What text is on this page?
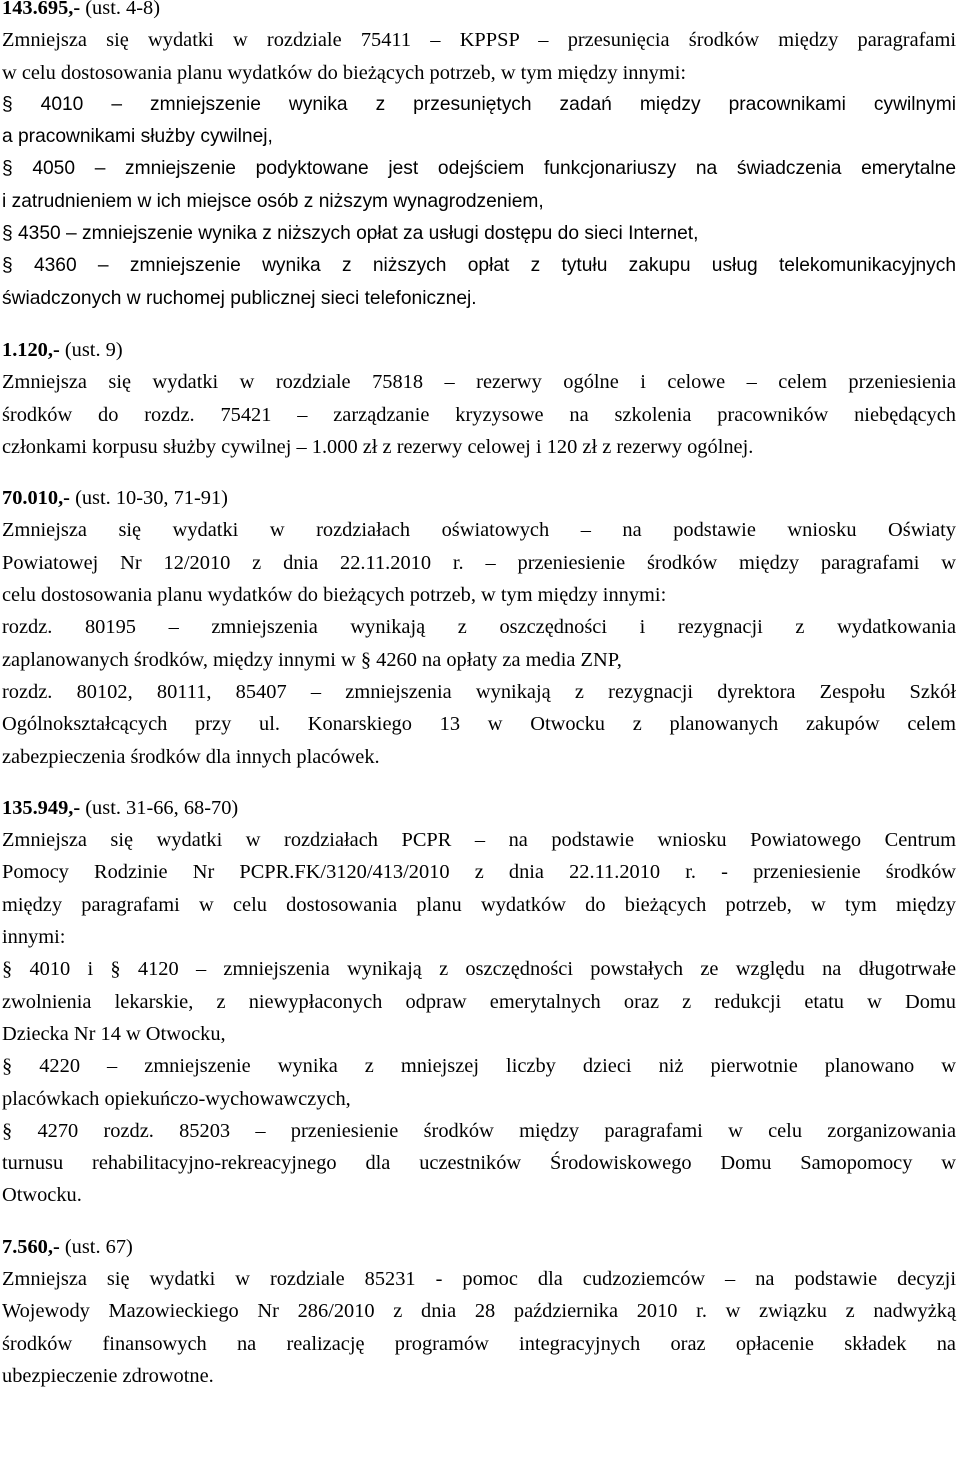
143.695,- (ust. 4-8)
Zmniejsza się wydatki w rozdziale 75411 – KPPSP – przesunięcia środków między paragrafami
w celu dostosowania planu wydatków do bieżących potrzeb, w tym między innymi:
§ 4010 – zmniejszenie wynika z przesuniętych zadań między pracownikami cywilnymi
a pracownikami służby cywilnej,
§ 4050 – zmniejszenie podyktowane jest odejściem funkcjonariuszy na świadczenia emerytalne
i zatrudnieniem w ich miejsce osób z niższym wynagrodzeniem,
§ 4350 – zmniejszenie wynika z niższych opłat za usługi dostępu do sieci Internet,
§ 4360 – zmniejszenie wynika z niższych opłat z tytułu zakupu usług telekomunikacyjnych
świadczonych w ruchomej publicznej sieci telefonicznej.
1.120,- (ust. 9)
Zmniejsza się wydatki w rozdziale 75818 – rezerwy ogólne i celowe – celem przeniesienia
środków do rozdz. 75421 – zarządzanie kryzysowe na szkolenia pracowników niebędących
członkami korpusu służby cywilnej – 1.000 zł z rezerwy celowej i 120 zł z rezerwy ogólnej.
70.010,- (ust. 10-30, 71-91)
Zmniejsza się wydatki w rozdziałach oświatowych – na podstawie wniosku Oświaty
Powiatowej Nr 12/2010 z dnia 22.11.2010 r. – przeniesienie środków między paragrafami w
celu dostosowania planu wydatków do bieżących potrzeb, w tym między innymi:
rozdz. 80195 – zmniejszenia wynikają z oszczędności i rezygnacji z wydatkowania
zaplanowanych środków, między innymi w § 4260 na opłaty za media ZNP,
rozdz. 80102, 80111, 85407 – zmniejszenia wynikają z rezygnacji dyrektora Zespołu Szkół
Ogólnokształcących przy ul. Konarskiego 13 w Otwocku z planowanych zakupów celem
zabezpieczenia środków dla innych placówek.
135.949,- (ust. 31-66, 68-70)
Zmniejsza się wydatki w rozdziałach PCPR – na podstawie wniosku Powiatowego Centrum
Pomocy Rodzinie Nr PCPR.FK/3120/413/2010 z dnia 22.11.2010 r. - przeniesienie środków
między paragrafami w celu dostosowania planu wydatków do bieżących potrzeb, w tym między
innymi:
§ 4010 i § 4120 – zmniejszenia wynikają z oszczędności powstałych ze względu na długotrwałe
zwolnienia lekarskie, z niewypłaconych odpraw emerytalnych oraz z redukcji etatu w Domu
Dziecka Nr 14 w Otwocku,
§ 4220 – zmniejszenie wynika z mniejszej liczby dzieci niż pierwotnie planowano w
placówkach opiekuńczo-wychowawczych,
§ 4270 rozdz. 85203 – przeniesienie środków między paragrafami w celu zorganizowania
turnusu rehabilitacyjno-rekreacyjnego dla uczestników Środowiskowego Domu Samopomocy w
Otwocku.
7.560,- (ust. 67)
Zmniejsza się wydatki w rozdziale 85231 - pomoc dla cudzoziemców – na podstawie decyzji
Wojewody Mazowieckiego Nr 286/2010 z dnia 28 października 2010 r. w związku z nadwyżką
środków finansowych na realizację programów integracyjnych oraz opłacenie składek na
ubezpieczenie zdrowotne.
